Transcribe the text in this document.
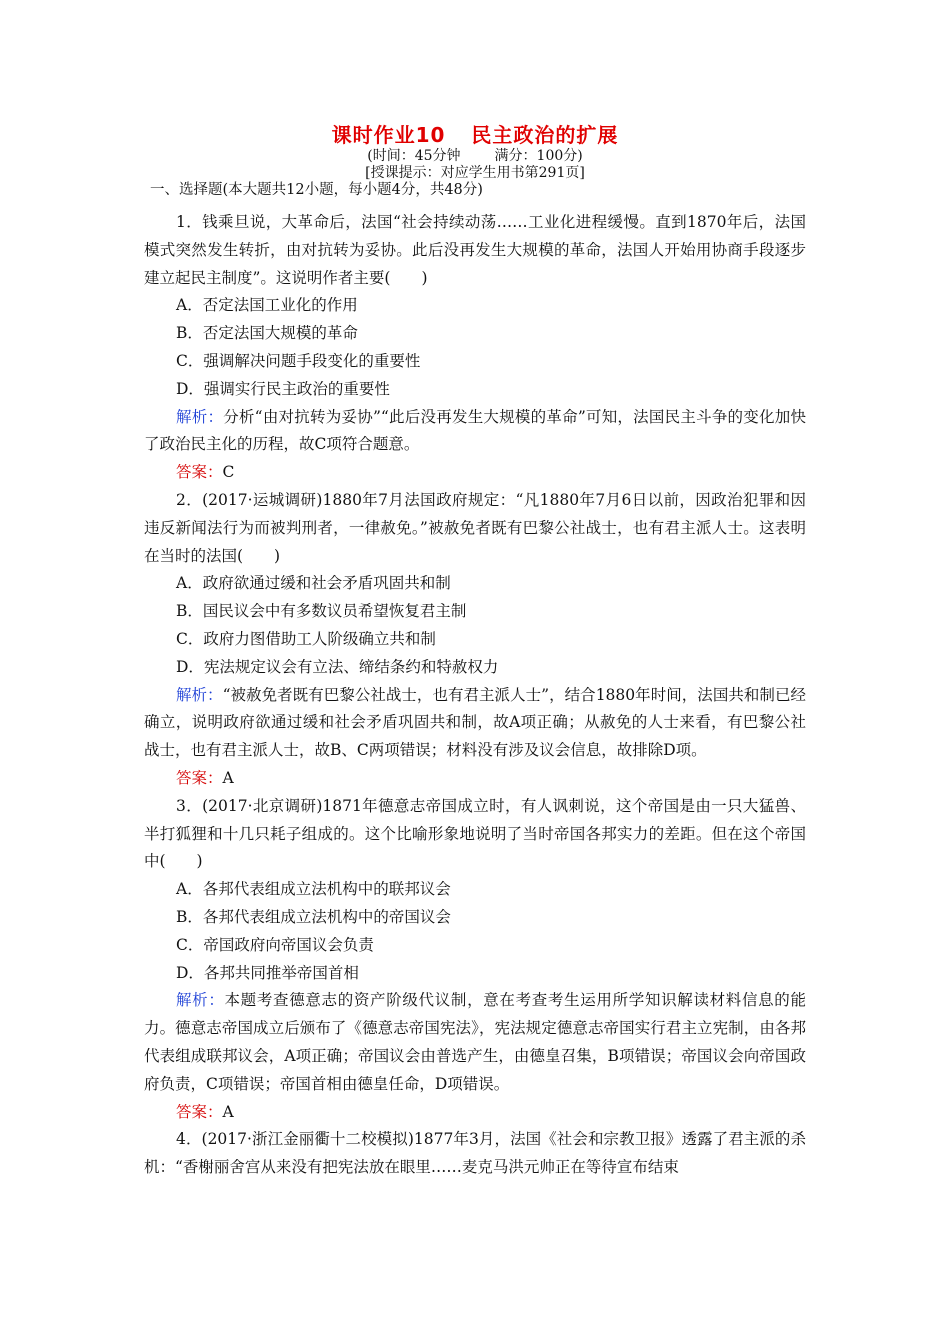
课时作业10 民主政治的扩展
(时间：45分钟 满分：100分)
[授课提示：对应学生用书第291页]
一、选择题(本大题共12小题，每小题4分，共48分)

1．钱乘旦说，大革命后，法国“社会持续动荡……工业化进程缓慢。直到1870年后，法国模式突然发生转折，由对抗转为妥协。此后没再发生大规模的革命，法国人开始用协商手段逐步建立起民主制度”。这说明作者主要(　　)

A．否定法国工业化的作用

B．否定法国大规模的革命

C．强调解决问题手段变化的重要性

D．强调实行民主政治的重要性

解析：分析“由对抗转为妥协”“此后没再发生大规模的革命”可知，法国民主斗争的变化加快了政治民主化的历程，故C项符合题意。

答案：C

2．(2017·运城调研)1880年7月法国政府规定：“凡1880年7月6日以前，因政治犯罪和因违反新闻法行为而被判刑者，一律赦免。”被赦免者既有巴黎公社战士，也有君主派人士。这表明在当时的法国(　　)

A．政府欲通过缓和社会矛盾巩固共和制

B．国民议会中有多数议员希望恢复君主制

C．政府力图借助工人阶级确立共和制

D．宪法规定议会有立法、缔结条约和特赦权力

解析：“被赦免者既有巴黎公社战士，也有君主派人士”，结合1880年时间，法国共和制已经确立，说明政府欲通过缓和社会矛盾巩固共和制，故A项正确；从赦免的人士来看，有巴黎公社战士，也有君主派人士，故B、C两项错误；材料没有涉及议会信息，故排除D项。

答案：A

3．(2017·北京调研)1871年德意志帝国成立时，有人讽刺说，这个帝国是由一只大猛兽、半打狐狸和十几只耗子组成的。这个比喻形象地说明了当时帝国各邦实力的差距。但在这个帝国中(　　)

A．各邦代表组成立法机构中的联邦议会

B．各邦代表组成立法机构中的帝国议会

C．帝国政府向帝国议会负责

D．各邦共同推举帝国首相

解析：本题考查德意志的资产阶级代议制，意在考查考生运用所学知识解读材料信息的能力。德意志帝国成立后颁布了《德意志帝国宪法》，宪法规定德意志帝国实行君主立宪制，由各邦代表组成联邦议会，A项正确；帝国议会由普选产生，由德皇召集，B项错误；帝国议会向帝国政府负责，C项错误；帝国首相由德皇任命，D项错误。

答案：A

4．(2017·浙江金丽衢十二校模拟)1877年3月，法国《社会和宗教卫报》透露了君主派的杀机：“香榭丽舍宫从来没有把宪法放在眼里……麦克马洪元帅正在等待宣布结束
